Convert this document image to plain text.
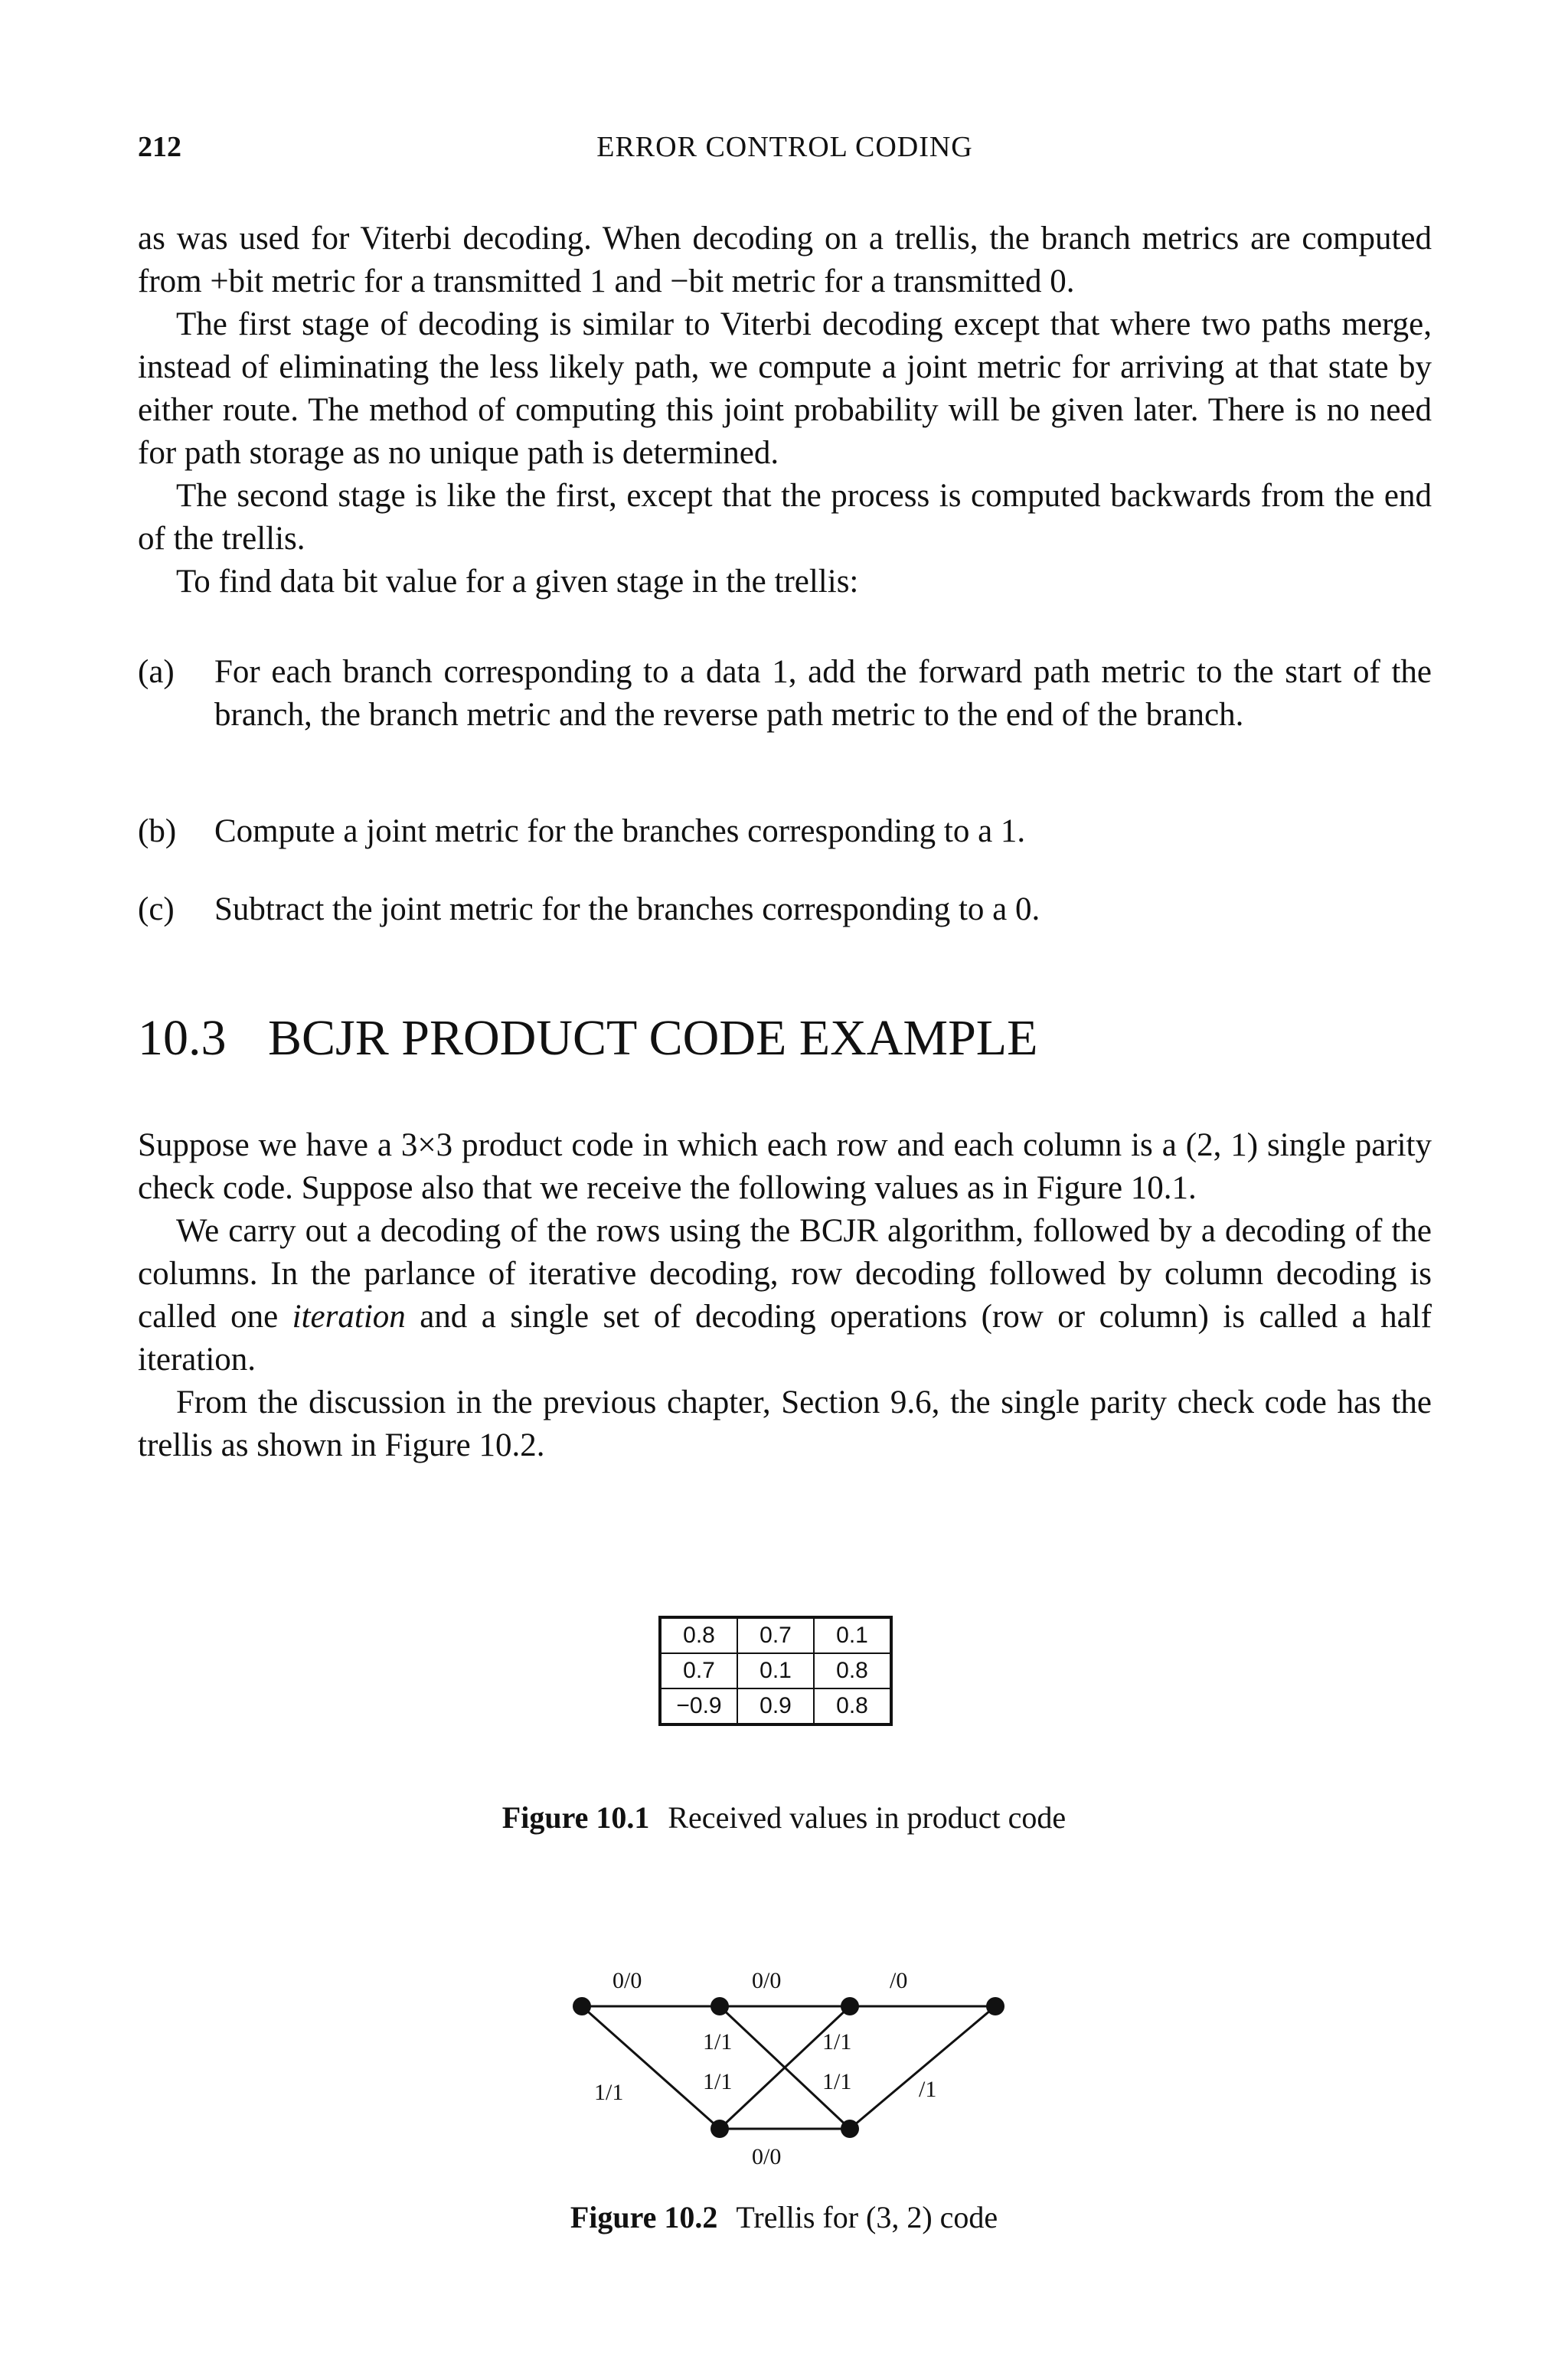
212	ERROR CONTROL CODING

as was used for Viterbi decoding. When decoding on a trellis, the branch metrics are computed from +bit metric for a transmitted 1 and −bit metric for a transmitted 0.

The first stage of decoding is similar to Viterbi decoding except that where two paths merge, instead of eliminating the less likely path, we compute a joint metric for arriving at that state by either route. The method of computing this joint probability will be given later. There is no need for path storage as no unique path is determined.

The second stage is like the first, except that the process is computed backwards from the end of the trellis.

To find data bit value for a given stage in the trellis:

(a) For each branch corresponding to a data 1, add the forward path metric to the start of the branch, the branch metric and the reverse path metric to the end of the branch.
(b) Compute a joint metric for the branches corresponding to a 1.
(c) Subtract the joint metric for the branches corresponding to a 0.
10.3 BCJR PRODUCT CODE EXAMPLE

Suppose we have a 3×3 product code in which each row and each column is a (2, 1) single parity check code. Suppose also that we receive the following values as in Figure 10.1.

We carry out a decoding of the rows using the BCJR algorithm, followed by a decoding of the columns. In the parlance of iterative decoding, row decoding followed by column decoding is called one iteration and a single set of decoding operations (row or column) is called a half iteration.

From the discussion in the previous chapter, Section 9.6, the single parity check code has the trellis as shown in Figure 10.2.

0.8	0.7	0.1
0.7	0.1	0.8
−0.9	0.9	0.8
Figure 10.1 Received values in product code
0/0	0/0	/0
1/1
1/1
1/1
1/1
1/1	/1
0/0
Figure 10.2 Trellis for (3, 2) code
